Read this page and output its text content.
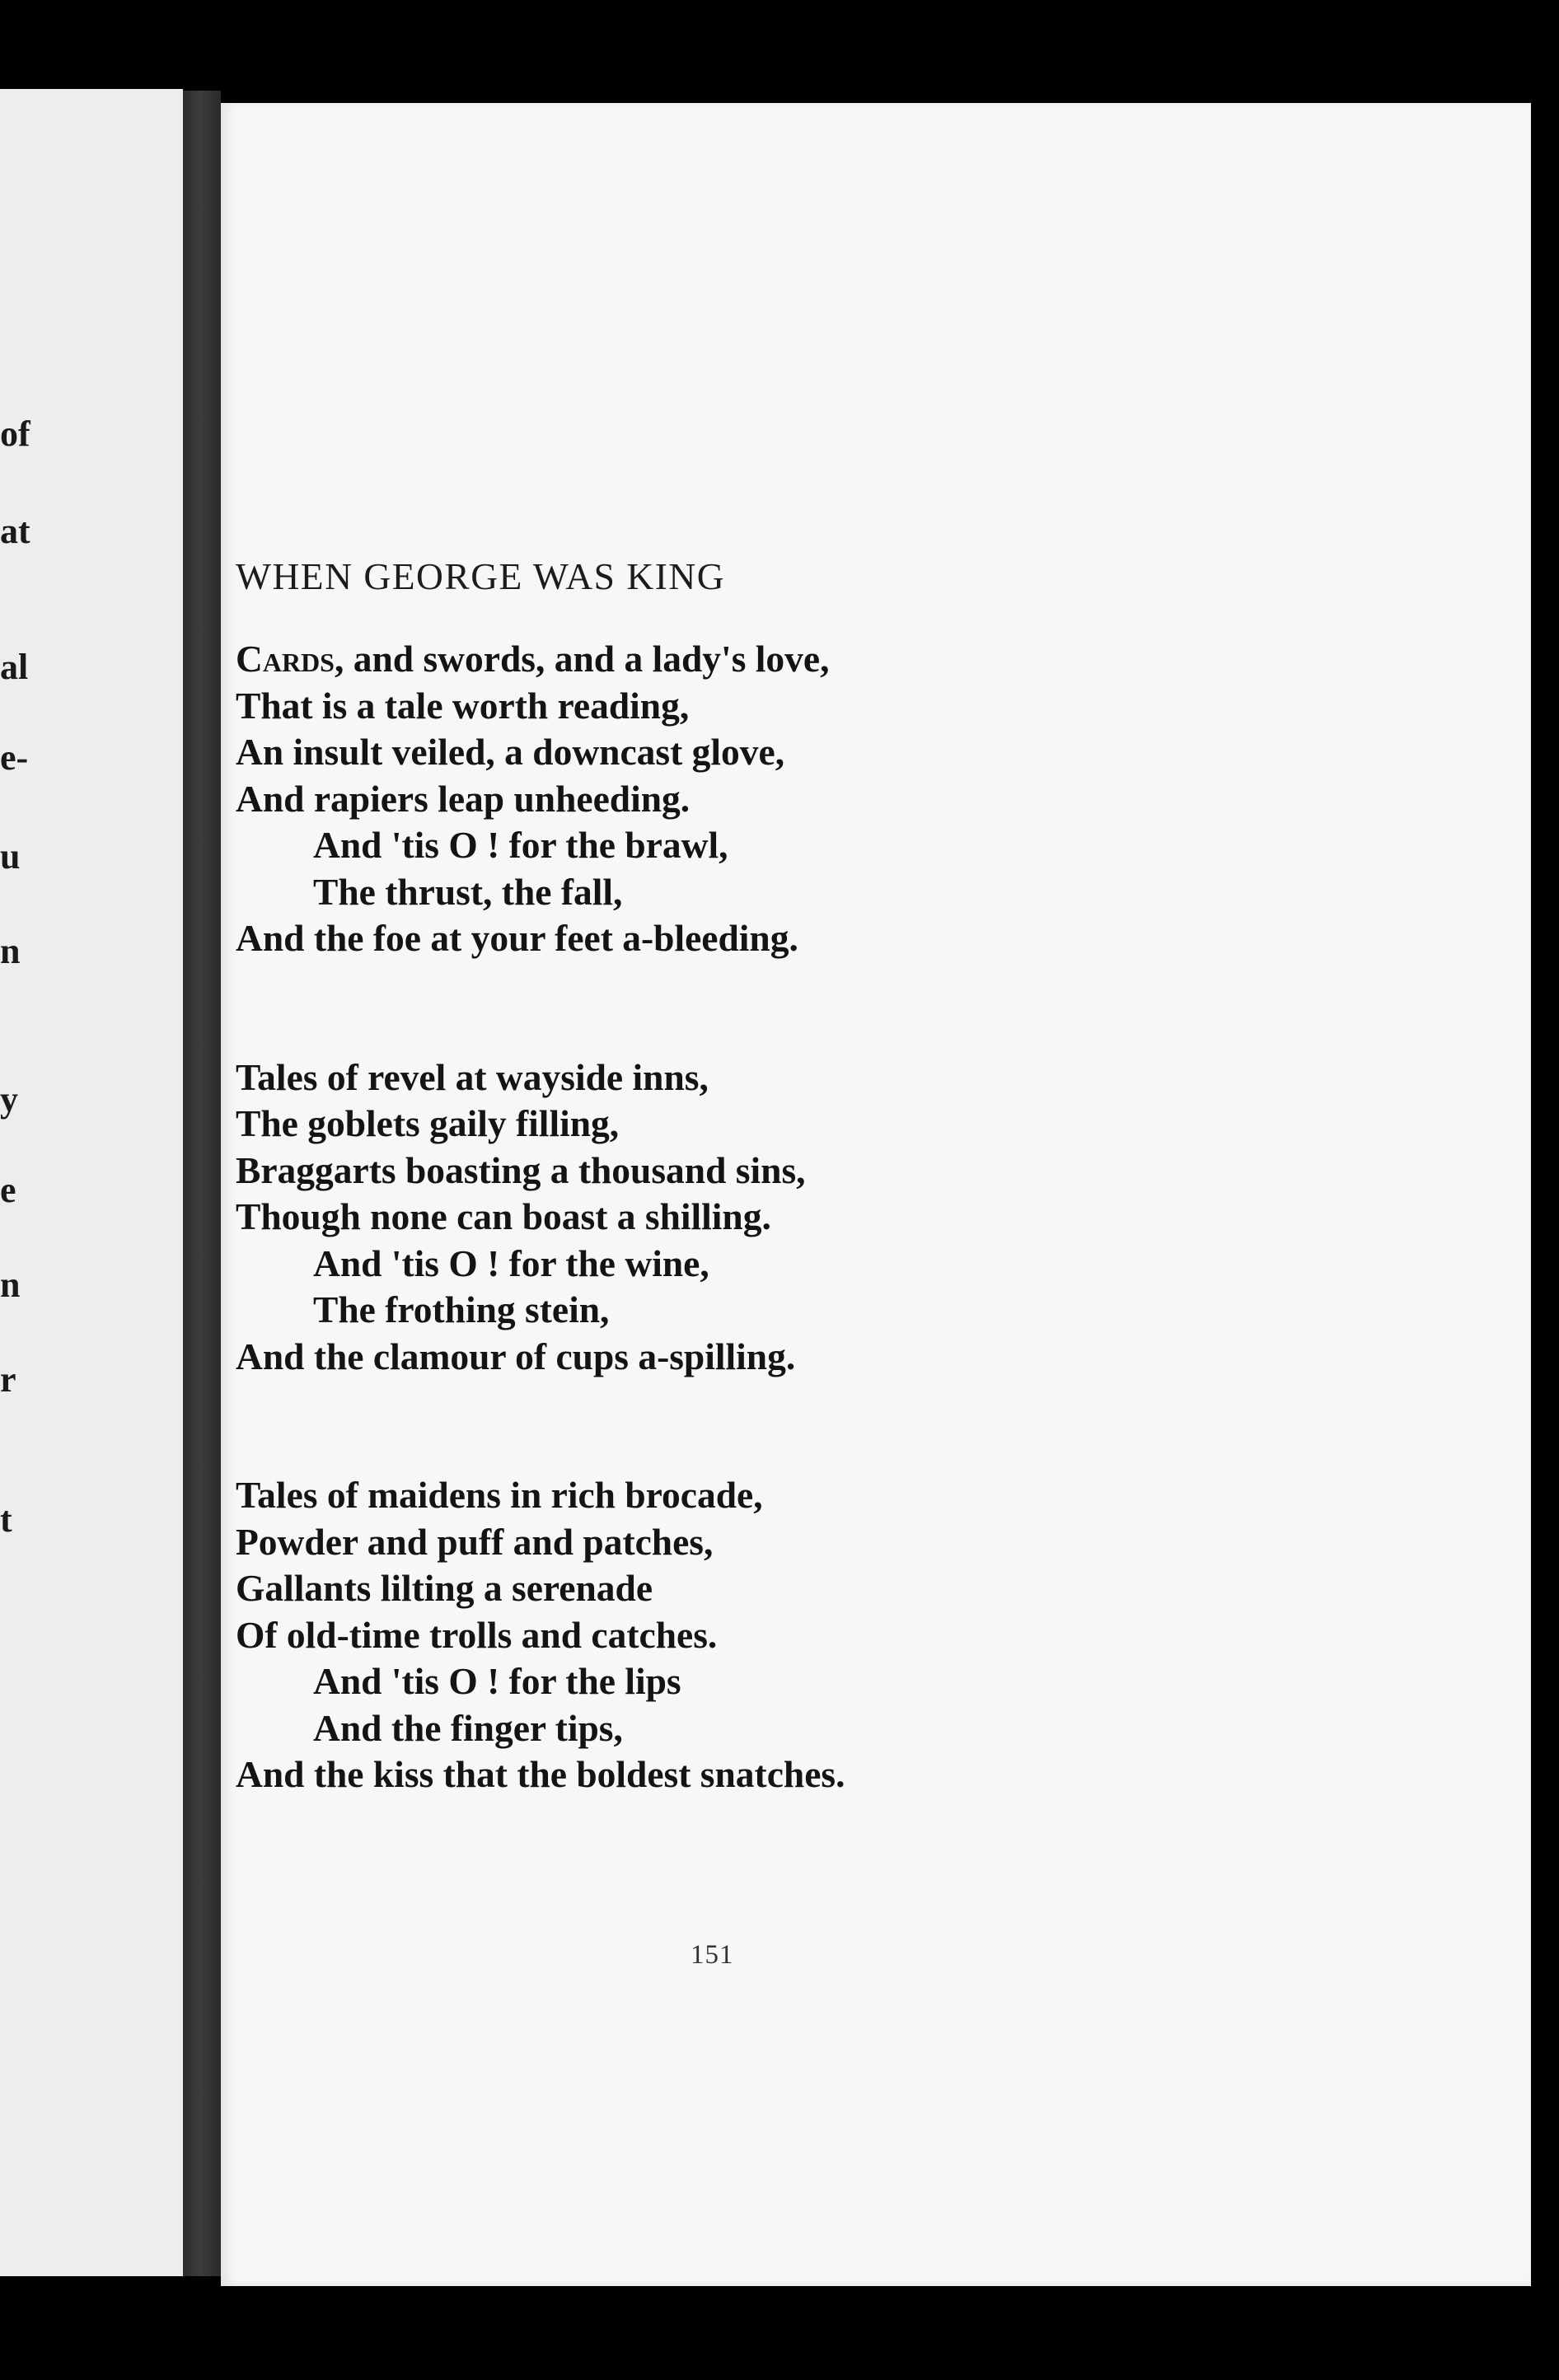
of
at
al
e-
u
n
y
e
n
r
t
WHEN GEORGE WAS KING
Cards, and swords, and a lady's love,
That is a tale worth reading,
An insult veiled, a downcast glove,
And rapiers leap unheeding.
And 'tis O ! for the brawl,
The thrust, the fall,
And the foe at your feet a-bleeding.
Tales of revel at wayside inns,
The goblets gaily filling,
Braggarts boasting a thousand sins,
Though none can boast a shilling.
And 'tis O ! for the wine,
The frothing stein,
And the clamour of cups a-spilling.
Tales of maidens in rich brocade,
Powder and puff and patches,
Gallants lilting a serenade
Of old-time trolls and catches.
And 'tis O ! for the lips
And the finger tips,
And the kiss that the boldest snatches.
151
